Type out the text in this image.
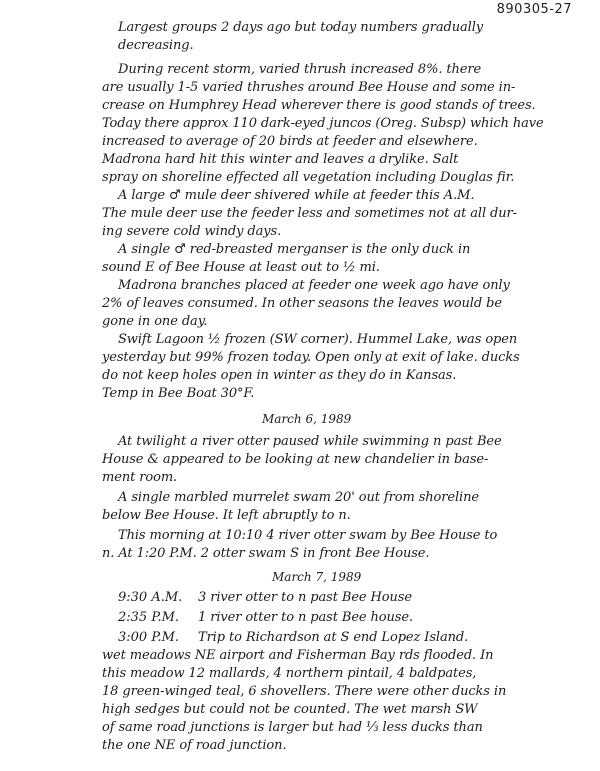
890305-27
Largest groups 2 days ago but today numbers gradually
decreasing.
During recent storm, varied thrush increased 8%. there
are usually 1-5 varied thrushes around Bee House and some in-
crease on Humphrey Head wherever there is good stands of trees.
Today there approx 110 dark-eyed juncos (Oreg. Subsp) which have
increased to average of 20 birds at feeder and elsewhere.
Madrona hard hit this winter and leaves a drylike. Salt
spray on shoreline effected all vegetation including Douglas fir.
A large ♂ mule deer shivered while at feeder this A.M.
The mule deer use the feeder less and sometimes not at all dur-
ing severe cold windy days.
A single ♂ red-breasted merganser is the only duck in
sound E of Bee House at least out to ½ mi.
Madrona branches placed at feeder one week ago have only
2% of leaves consumed. In other seasons the leaves would be
gone in one day.
Swift Lagoon ½ frozen (SW corner). Hummel Lake, was open
yesterday but 99% frozen today. Open only at exit of lake. ducks
do not keep holes open in winter as they do in Kansas.
Temp in Bee Boat 30°F.
March 6, 1989
At twilight a river otter paused while swimming n past Bee
House & appeared to be looking at new chandelier in base-
ment room.
A single marbled murrelet swam 20' out from shoreline
below Bee House. It left abruptly to n.
This morning at 10:10 4 river otter swam by Bee House to
n. At 1:20 P.M. 2 otter swam S in front Bee House.
March 7, 1989
9:30 A.M. 3 river otter to n past Bee House
2:35 P.M. 1 river otter to n past Bee house.
3:00 P.M. Trip to Richardson at S end Lopez Island.
wet meadows NE airport and Fisherman Bay rds flooded. In
this meadow 12 mallards, 4 northern pintail, 4 baldpates,
18 green-winged teal, 6 shovellers. There were other ducks in
high sedges but could not be counted. The wet marsh SW
of same road junctions is larger but had ⅓ less ducks than
the one NE of road junction.
